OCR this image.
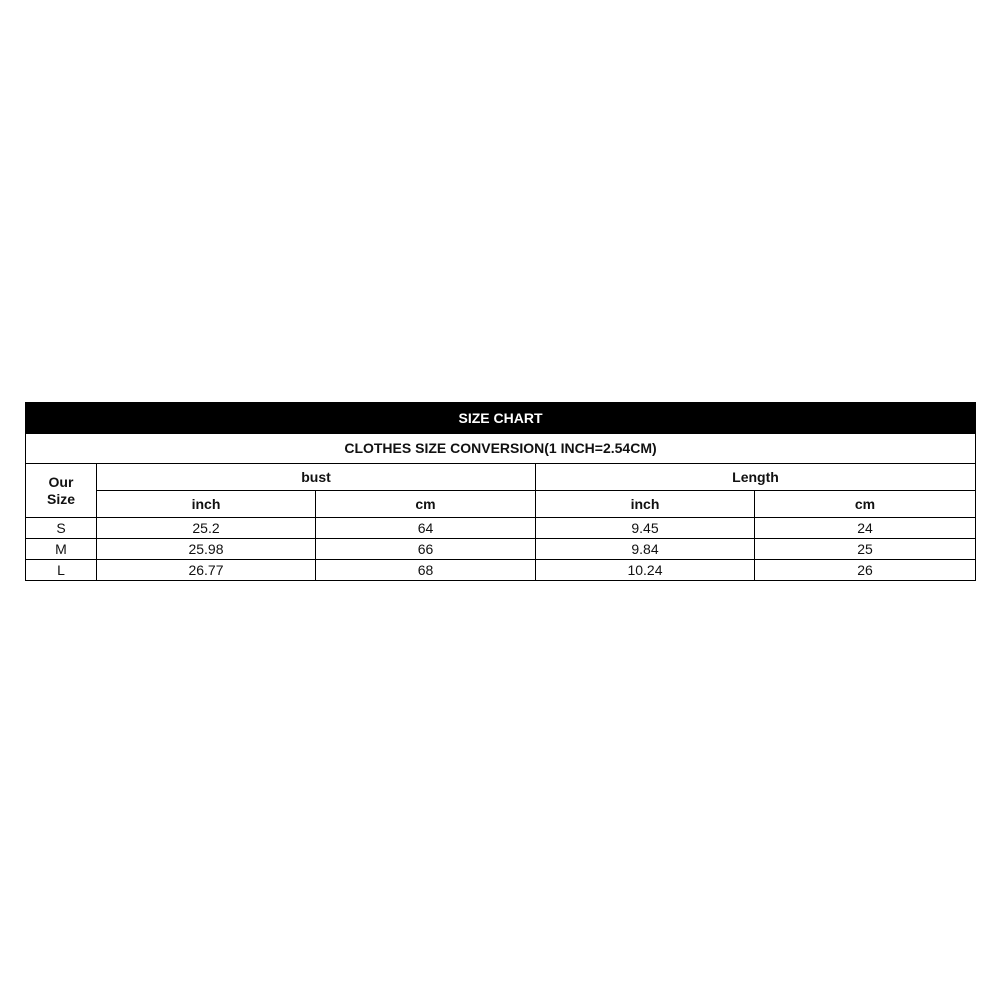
SIZE CHART				
CLOTHES SIZE CONVERSION(1 INCH=2.54CM)				
Our
Size	bust		Length	
	inch	cm	inch	cm
S	25.2	64	9.45	24
M	25.98	66	9.84	25
L	26.77	68	10.24	26
